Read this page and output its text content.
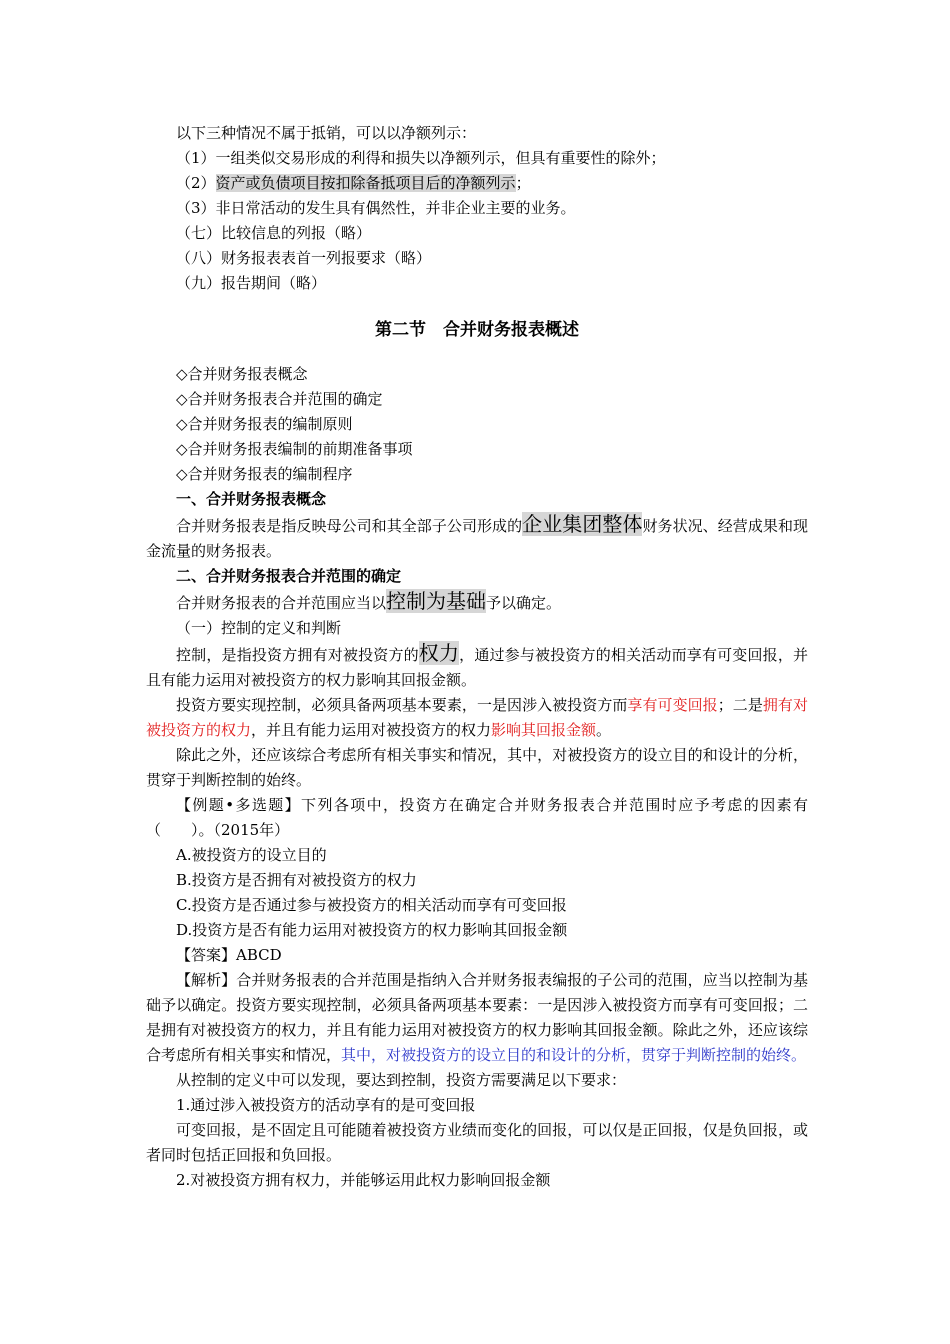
以下三种情况不属于抵销，可以以净额列示：

（1）一组类似交易形成的利得和损失以净额列示，但具有重要性的除外；

（2）资产或负债项目按扣除备抵项目后的净额列示；

（3）非日常活动的发生具有偶然性，并非企业主要的业务。

（七）比较信息的列报（略）

（八）财务报表表首一列报要求（略）

（九）报告期间（略）

第二节　合并财务报表概述

◇合并财务报表概念

◇合并财务报表合并范围的确定

◇合并财务报表的编制原则

◇合并财务报表编制的前期准备事项

◇合并财务报表的编制程序

一、合并财务报表概念

合并财务报表是指反映母公司和其全部子公司形成的企业集团整体财务状况、经营成果和现金流量的财务报表。

二、合并财务报表合并范围的确定

合并财务报表的合并范围应当以控制为基础予以确定。

（一）控制的定义和判断

控制，是指投资方拥有对被投资方的权力，通过参与被投资方的相关活动而享有可变回报，并且有能力运用对被投资方的权力影响其回报金额。

投资方要实现控制，必须具备两项基本要素，一是因涉入被投资方而享有可变回报；二是拥有对被投资方的权力，并且有能力运用对被投资方的权力影响其回报金额。

除此之外，还应该综合考虑所有相关事实和情况，其中，对被投资方的设立目的和设计的分析，贯穿于判断控制的始终。

【例题•多选题】下列各项中，投资方在确定合并财务报表合并范围时应予考虑的因素有（　　）。（2015年）

A.被投资方的设立目的

B.投资方是否拥有对被投资方的权力

C.投资方是否通过参与被投资方的相关活动而享有可变回报

D.投资方是否有能力运用对被投资方的权力影响其回报金额

【答案】ABCD

【解析】合并财务报表的合并范围是指纳入合并财务报表编报的子公司的范围，应当以控制为基础予以确定。投资方要实现控制，必须具备两项基本要素：一是因涉入被投资方而享有可变回报；二是拥有对被投资方的权力，并且有能力运用对被投资方的权力影响其回报金额。除此之外，还应该综合考虑所有相关事实和情况，其中，对被投资方的设立目的和设计的分析，贯穿于判断控制的始终。

从控制的定义中可以发现，要达到控制，投资方需要满足以下要求：

1.通过涉入被投资方的活动享有的是可变回报

可变回报，是不固定且可能随着被投资方业绩而变化的回报，可以仅是正回报，仅是负回报，或者同时包括正回报和负回报。

2.对被投资方拥有权力，并能够运用此权力影响回报金额
